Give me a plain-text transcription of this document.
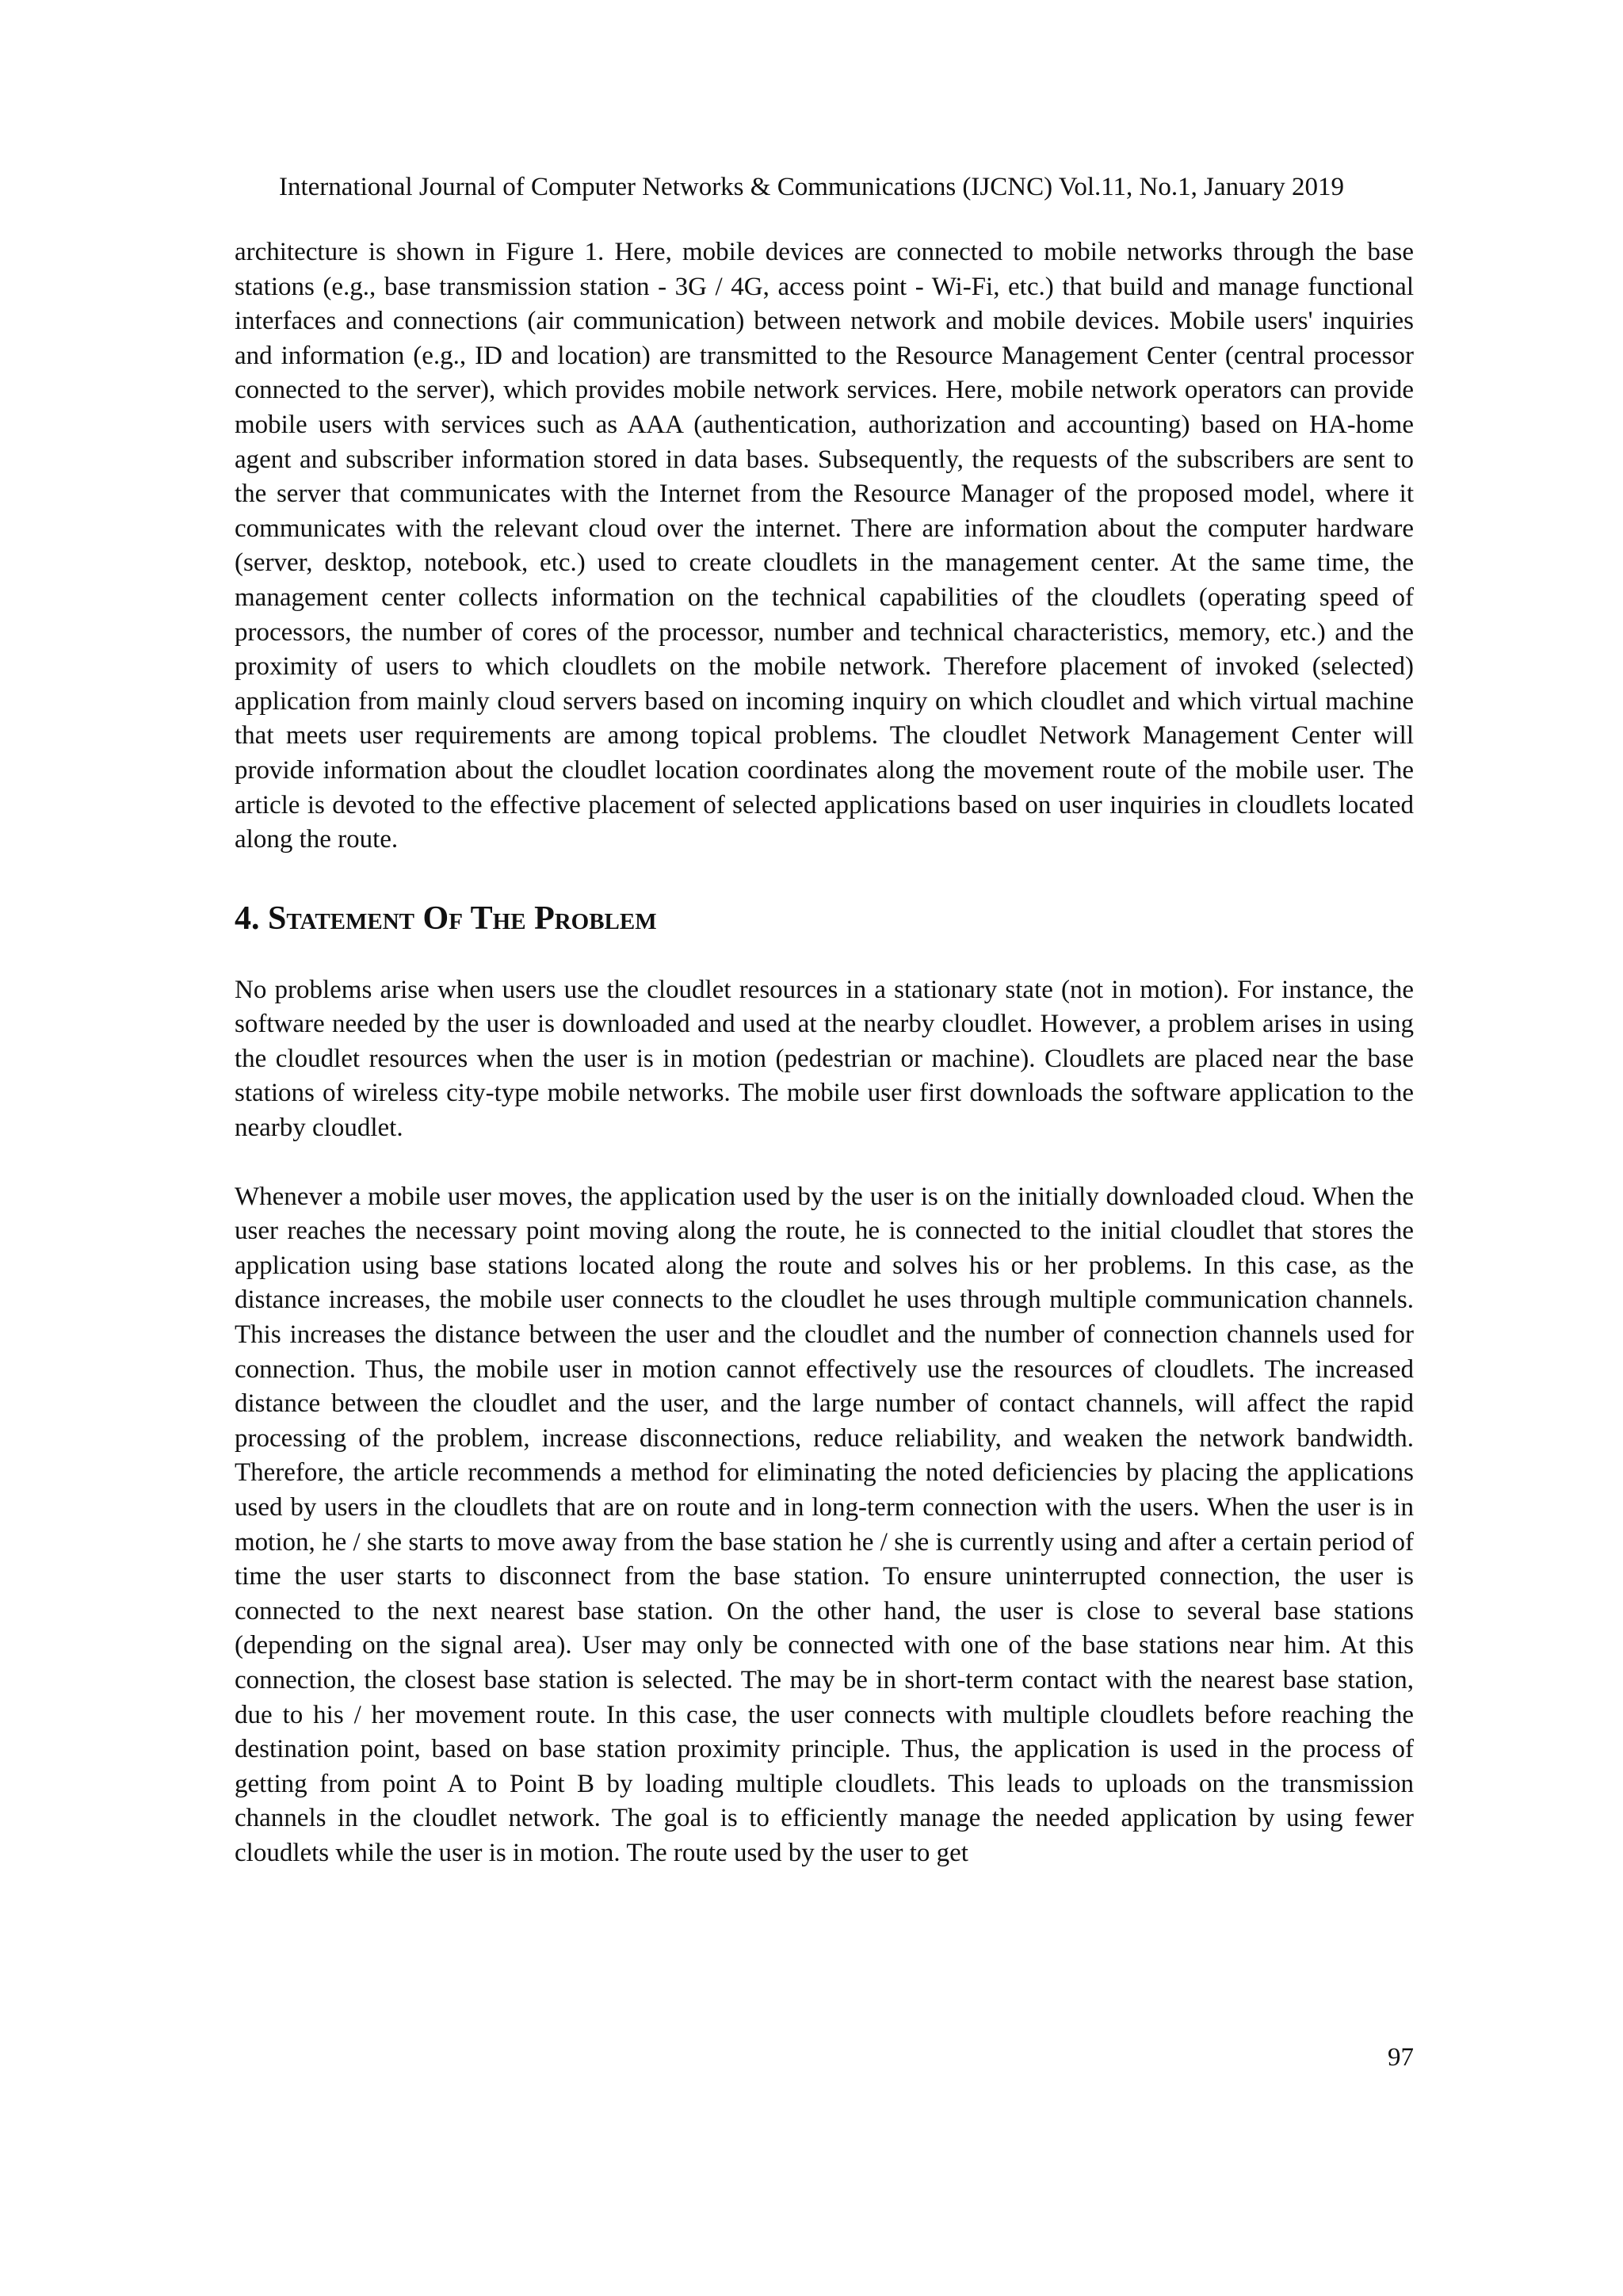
International Journal of Computer Networks & Communications (IJCNC) Vol.11, No.1, January 2019

architecture is shown in Figure 1. Here, mobile devices are connected to mobile networks through the base stations (e.g., base transmission station - 3G / 4G, access point - Wi-Fi, etc.) that build and manage functional interfaces and connections (air communication) between network and mobile devices. Mobile users' inquiries and information (e.g., ID and location) are transmitted to the Resource Management Center (central processor connected to the server), which provides mobile network services. Here, mobile network operators can provide mobile users with services such as AAA (authentication, authorization and accounting) based on HA-home agent and subscriber information stored in data bases. Subsequently, the requests of the subscribers are sent to the server that communicates with the Internet from the Resource Manager of the proposed model, where it communicates with the relevant cloud over the internet. There are information about the computer hardware (server, desktop, notebook, etc.) used to create cloudlets in the management center. At the same time, the management center collects information on the technical capabilities of the cloudlets (operating speed of processors, the number of cores of the processor, number and technical characteristics, memory, etc.) and the proximity of users to which cloudlets on the mobile network. Therefore placement of invoked (selected) application from mainly cloud servers based on incoming inquiry on which cloudlet and which virtual machine that meets user requirements are among topical problems. The cloudlet Network Management Center will provide information about the cloudlet location coordinates along the movement route of the mobile user. The article is devoted to the effective placement of selected applications based on user inquiries in cloudlets located along the route.

4. Statement Of The Problem

No problems arise when users use the cloudlet resources in a stationary state (not in motion). For instance, the software needed by the user is downloaded and used at the nearby cloudlet. However, a problem arises in using the cloudlet resources when the user is in motion (pedestrian or machine). Cloudlets are placed near the base stations of wireless city-type mobile networks. The mobile user first downloads the software application to the nearby cloudlet.

Whenever a mobile user moves, the application used by the user is on the initially downloaded cloud. When the user reaches the necessary point moving along the route, he is connected to the initial cloudlet that stores the application using base stations located along the route and solves his or her problems. In this case, as the distance increases, the mobile user connects to the cloudlet he uses through multiple communication channels. This increases the distance between the user and the cloudlet and the number of connection channels used for connection. Thus, the mobile user in motion cannot effectively use the resources of cloudlets. The increased distance between the cloudlet and the user, and the large number of contact channels, will affect the rapid processing of the problem, increase disconnections, reduce reliability, and weaken the network bandwidth. Therefore, the article recommends a method for eliminating the noted deficiencies by placing the applications used by users in the cloudlets that are on route and in long-term connection with the users. When the user is in motion, he / she starts to move away from the base station he / she is currently using and after a certain period of time the user starts to disconnect from the base station. To ensure uninterrupted connection, the user is connected to the next nearest base station. On the other hand, the user is close to several base stations (depending on the signal area). User may only be connected with one of the base stations near him. At this connection, the closest base station is selected. The may be in short-term contact with the nearest base station, due to his / her movement route. In this case, the user connects with multiple cloudlets before reaching the destination point, based on base station proximity principle. Thus, the application is used in the process of getting from point A to Point B by loading multiple cloudlets. This leads to uploads on the transmission channels in the cloudlet network. The goal is to efficiently manage the needed application by using fewer cloudlets while the user is in motion. The route used by the user to get

97
